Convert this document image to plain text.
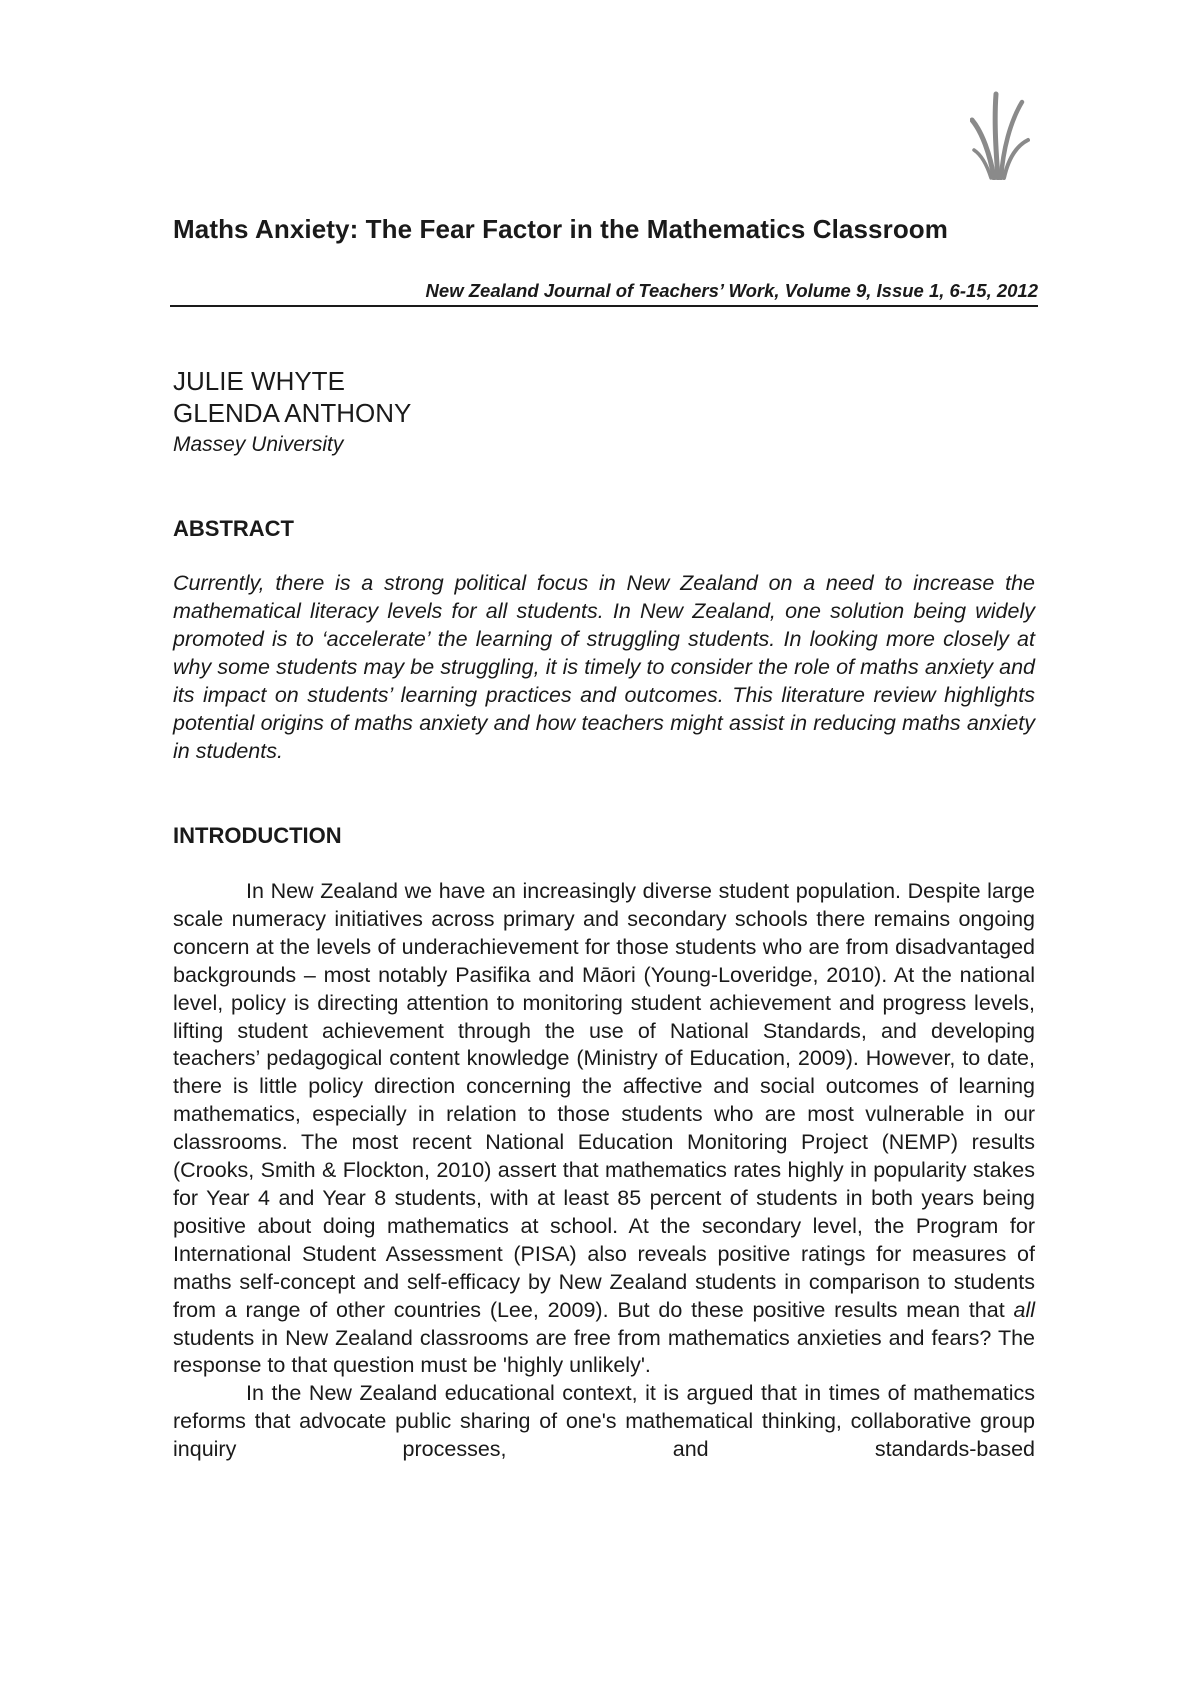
Maths Anxiety: The Fear Factor in the Mathematics Classroom
New Zealand Journal of Teachers’ Work, Volume 9, Issue 1, 6-15, 2012
JULIE WHYTE
GLENDA ANTHONY
Massey University
ABSTRACT

Currently, there is a strong political focus in New Zealand on a need to increase the mathematical literacy levels for all students. In New Zealand, one solution being widely promoted is to ‘accelerate’ the learning of struggling students. In looking more closely at why some students may be struggling, it is timely to consider the role of maths anxiety and its impact on students’ learning practices and outcomes. This literature review highlights potential origins of maths anxiety and how teachers might assist in reducing maths anxiety in students.

INTRODUCTION

In New Zealand we have an increasingly diverse student population. Despite large scale numeracy initiatives across primary and secondary schools there remains ongoing concern at the levels of underachievement for those students who are from disadvantaged backgrounds – most notably Pasifika and Māori (Young-Loveridge, 2010). At the national level, policy is directing attention to monitoring student achievement and progress levels, lifting student achievement through the use of National Standards, and developing teachers’ pedagogical content knowledge (Ministry of Education, 2009). However, to date, there is little policy direction concerning the affective and social outcomes of learning mathematics, especially in relation to those students who are most vulnerable in our classrooms. The most recent National Education Monitoring Project (NEMP) results (Crooks, Smith & Flockton, 2010) assert that mathematics rates highly in popularity stakes for Year 4 and Year 8 students, with at least 85 percent of students in both years being positive about doing mathematics at school. At the secondary level, the Program for International Student Assessment (PISA) also reveals positive ratings for measures of maths self-concept and self-efficacy by New Zealand students in comparison to students from a range of other countries (Lee, 2009). But do these positive results mean that all students in New Zealand classrooms are free from mathematics anxieties and fears? The response to that question must be 'highly unlikely'.

In the New Zealand educational context, it is argued that in times of mathematics reforms that advocate public sharing of one's mathematical thinking, collaborative group inquiry processes, and standards-based
